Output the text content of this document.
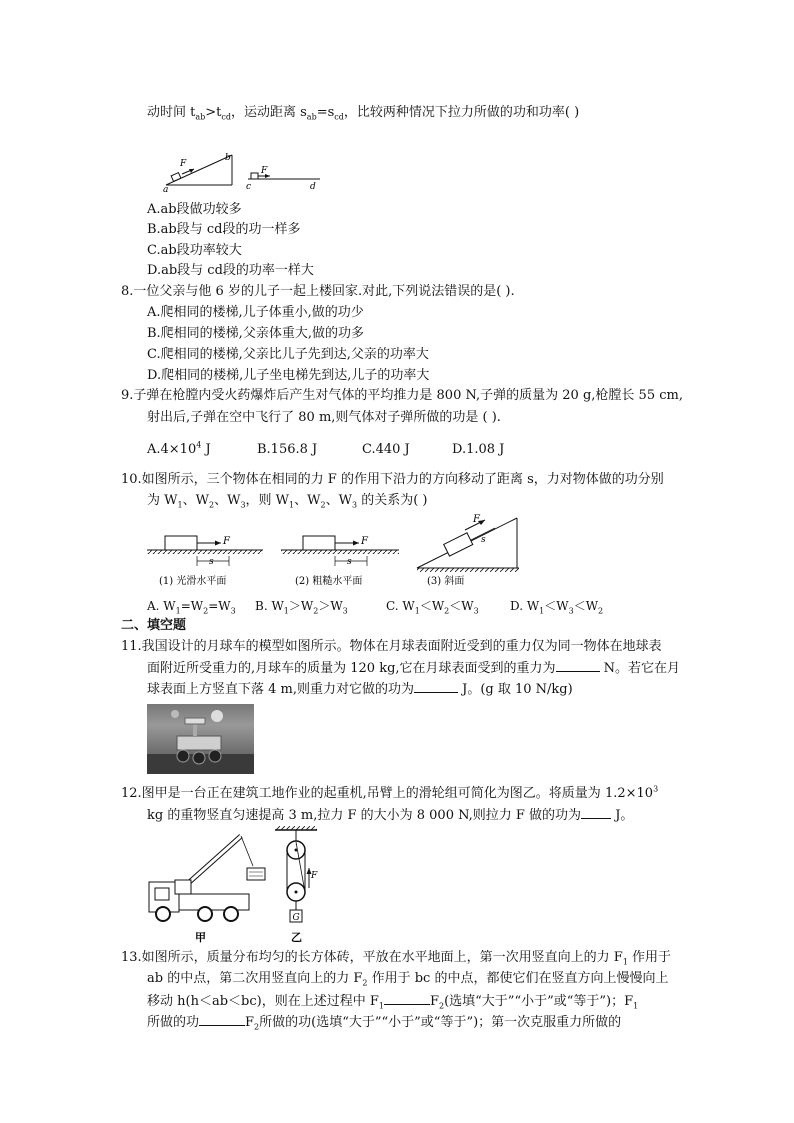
动时间 $t_{ab}>t_{cd}$，运动距离 $s_{ab}=s_{cd}$，比较两种情况下拉力所做的功和功率( )
F
a
b
F
c	d
A.ab段做功较多
B.ab段与 cd段的功一样多
C.ab段功率较大
D.ab段与 cd段的功率一样大
8.一位父亲与他 6 岁的儿子一起上楼回家.对此,下列说法错误的是( ).
A.爬相同的楼梯,儿子体重小,做的功少
B.爬相同的楼梯,父亲体重大,做的功多
C.爬相同的楼梯,父亲比儿子先到达,父亲的功率大
D.爬相同的楼梯,儿子坐电梯先到达,儿子的功率大
9.子弹在枪膛内受火药爆炸后产生对气体的平均推力是 800 N,子弹的质量为 20 g,枪膛长 55 cm,
射出后,子弹在空中飞行了 80 m,则气体对子弹所做的功是 ( ).
$A.4\times 10^4$ J	B.156.8 J	C.440 J	D.1.08 J
10.如图所示，三个物体在相同的力 F 的作用下沿力的方向移动了距离 s，力对物体做的功分别
为 $W_1$、$W_2$、$W_3$，则 $W_1$、$W_2$、$W_3$ 的关系为( )
F
s
(1) 光滑水平面
F
s
(2) 粗糙水平面
F
s
(3) 斜面
A. $W_1=W_2=W_3$ B. $W_1>W_2>W_3$	C. $W_1<W_2<W_3$	D. $W_1<W_3<W_2$
二、填空题
11.我国设计的月球车的模型如图所示。物体在月球表面附近受到的重力仅为同一物体在地球表
面附近所受重力的,月球车的质量为 120 kg,它在月球表面受到的重力为	N。若它在月
球表面上方竖直下落 4 m,则重力对它做的功为	J。(g 取 10 N/kg)
12.图甲是一台正在建筑工地作业的起重机,吊臂上的滑轮组可简化为图乙。将质量为 $1.2\times 10^3$
kg 的重物竖直匀速提高 3 m,拉力 F 的大小为 8 000 N,则拉力 F 做的功为 J。
甲
F
G
乙
13.如图所示，质量分布均匀的长方体砖，平放在水平地面上，第一次用竖直向上的力 $F_1$ 作用于
ab 的中点，第二次用竖直向上的力 $F_2$ 作用于 bc 的中点，都使它们在竖直方向上慢慢向上
移动 h(h＜ab＜bc)，则在上述过程中 $F_1$	$F_2$(选填“大于”“小于”或“等于”)；$F_1$
所做的功	$F_2$所做的功(选填“大于”“小于”或“等于”)；第一次克服重力所做的
